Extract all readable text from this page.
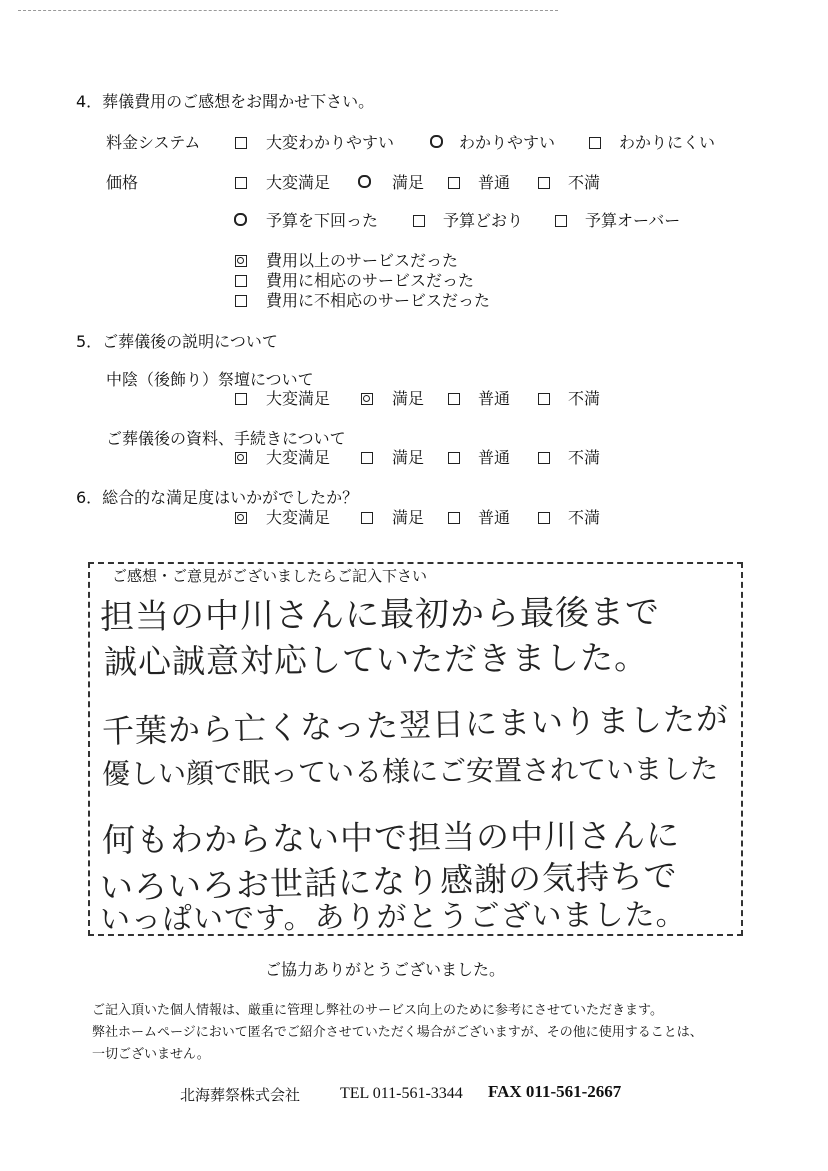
4．葬儀費用のご感想をお聞かせ下さい。
料金システム	大変わかりやすい	わかりやすい	わかりにくい
価格	大変満足	満足	普通	不満
予算を下回った	予算どおり	予算オーバー
費用以上のサービスだった
費用に相応のサービスだった
費用に不相応のサービスだった
5．ご葬儀後の説明について
中陰（後飾り）祭壇について
大変満足	満足	普通	不満
ご葬儀後の資料、手続きについて
大変満足	満足	普通	不満
6．総合的な満足度はいかがでしたか？
大変満足	満足	普通	不満
ご感想・ご意見がございましたらご記入下さい
担当の中川さんに最初から最後まで
誠心誠意対応していただきました。
千葉から亡くなった翌日にまいりましたが
優しい顔で眠っている様にご安置されていました
何もわからない中で担当の中川さんに
いろいろお世話になり感謝の気持ちで
いっぱいです。ありがとうございました。
ご協力ありがとうございました。
ご記入頂いた個人情報は、厳重に管理し弊社のサービス向上のために参考にさせていただきます。
弊社ホームページにおいて匿名でご紹介させていただく場合がございますが、その他に使用することは、
一切ございません。
北海葬祭株式会社 TEL 011-561-3344 FAX 011-561-2667
